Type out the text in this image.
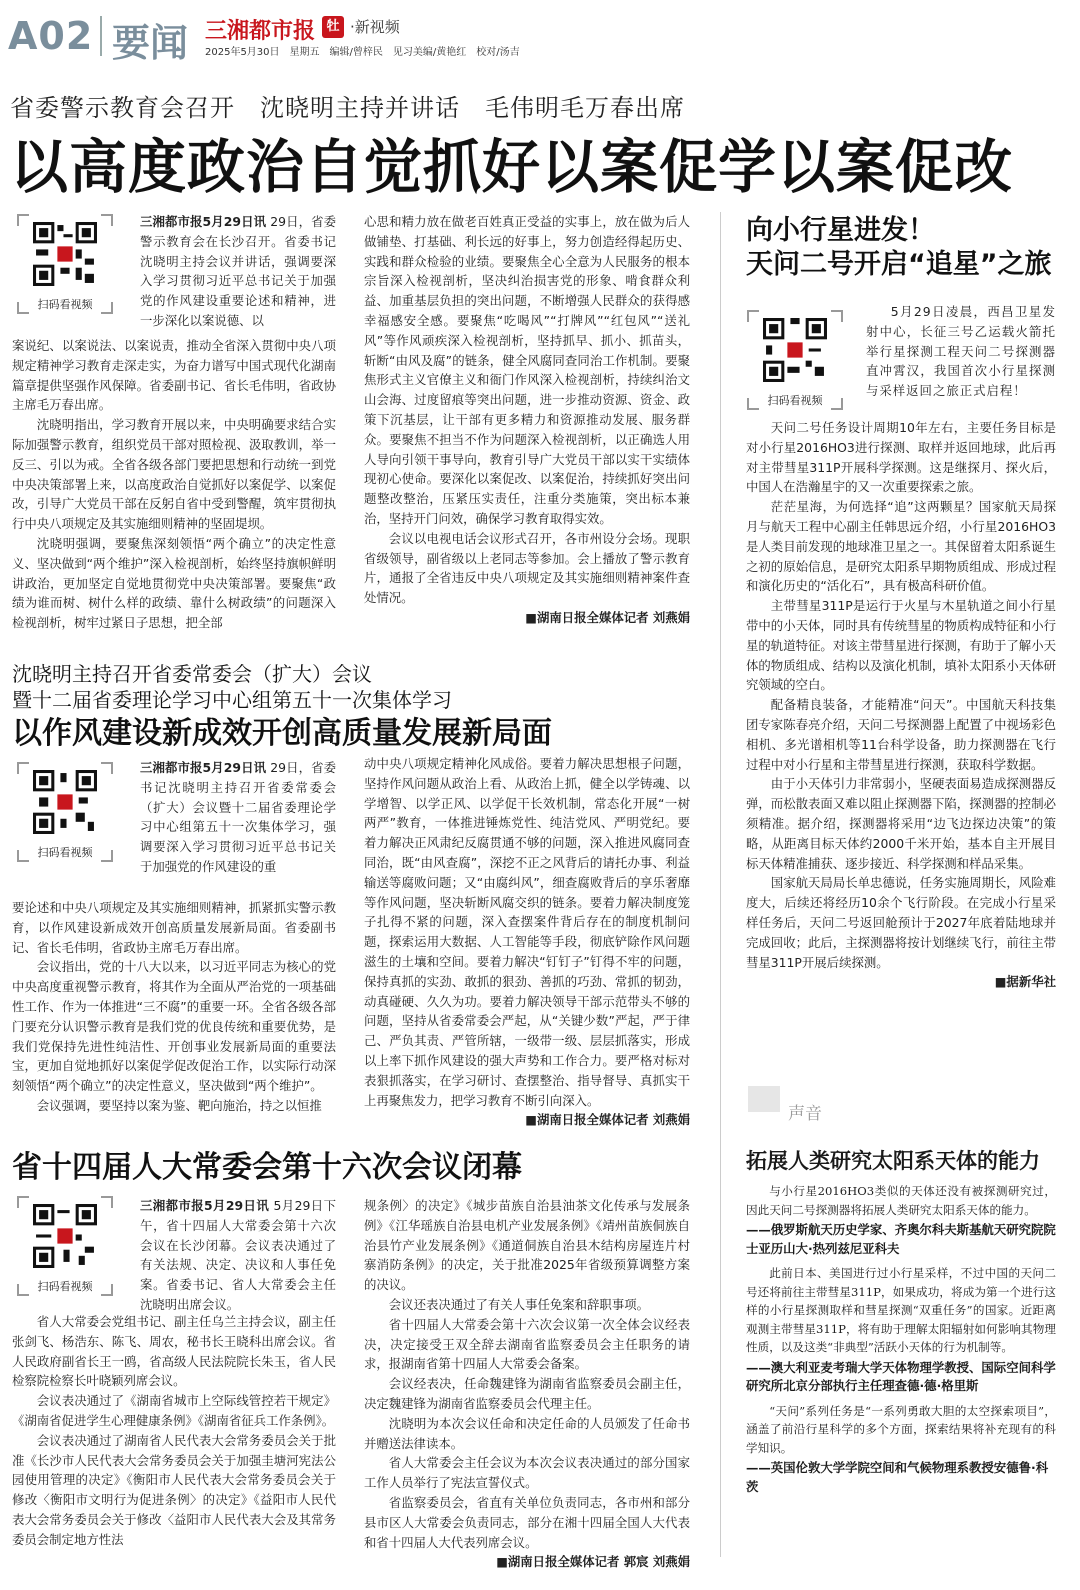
A02 要闻 三湘都市报 牡 ·新视频
2025年5月30日　星期五　编辑/曾梓民　见习美编/黄艳红　校对/汤吉
省委警示教育会召开　沈晓明主持并讲话　毛伟明毛万春出席
以高度政治自觉抓好以案促学以案促改
扫码看视频

三湘都市报5月29日讯 29日，省委警示教育会在长沙召开。省委书记沈晓明主持会议并讲话，强调要深入学习贯彻习近平总书记关于加强党的作风建设重要论述和精神，进一步深化以案说德、以

案说纪、以案说法、以案说责，推动全省深入贯彻中央八项规定精神学习教育走深走实，为奋力谱写中国式现代化湖南篇章提供坚强作风保障。省委副书记、省长毛伟明，省政协主席毛万春出席。

沈晓明指出，学习教育开展以来，中央明确要求结合实际加强警示教育，组织党员干部对照检视、汲取教训，举一反三、引以为戒。全省各级各部门要把思想和行动统一到党中央决策部署上来，以高度政治自觉抓好以案促学、以案促改，引导广大党员干部在反躬自省中受到警醒，筑牢贯彻执行中央八项规定及其实施细则精神的坚固堤坝。

沈晓明强调，要聚焦深刻领悟“两个确立”的决定性意义、坚决做到“两个维护”深入检视剖析，始终坚持旗帜鲜明讲政治，更加坚定自觉地贯彻党中央决策部署。要聚焦“政绩为谁而树、树什么样的政绩、靠什么树政绩”的问题深入检视剖析，树牢过紧日子思想，把全部

心思和精力放在做老百姓真正受益的实事上，放在做为后人做铺垫、打基础、利长远的好事上，努力创造经得起历史、实践和群众检验的业绩。要聚焦全心全意为人民服务的根本宗旨深入检视剖析，坚决纠治损害党的形象、啃食群众利益、加重基层负担的突出问题，不断增强人民群众的获得感幸福感安全感。要聚焦“吃喝风”“打牌风”“红包风”“送礼风”等作风顽疾深入检视剖析，坚持抓早、抓小、抓苗头，斩断“由风及腐”的链条，健全风腐同查同治工作机制。要聚焦形式主义官僚主义和衙门作风深入检视剖析，持续纠治文山会海、过度留痕等突出问题，进一步推动资源、资金、政策下沉基层，让干部有更多精力和资源推动发展、服务群众。要聚焦不担当不作为问题深入检视剖析，以正确选人用人导向引领干事导向，教育引导广大党员干部以实干实绩体现初心使命。要深化以案促改、以案促治，持续抓好突出问题整改整治，压紧压实责任，注重分类施策，突出标本兼治，坚持开门问效，确保学习教育取得实效。

会议以电视电话会议形式召开，各市州设分会场。现职省级领导，副省级以上老同志等参加。会上播放了警示教育片，通报了全省违反中央八项规定及其实施细则精神案件查处情况。

■湖南日报全媒体记者 刘燕娟
沈晓明主持召开省委常委会（扩大）会议
暨十二届省委理论学习中心组第五十一次集体学习
以作风建设新成效开创高质量发展新局面
扫码看视频

三湘都市报5月29日讯 29日，省委书记沈晓明主持召开省委常委会（扩大）会议暨十二届省委理论学习中心组第五十一次集体学习，强调要深入学习贯彻习近平总书记关于加强党的作风建设的重

要论述和中央八项规定及其实施细则精神，抓紧抓实警示教育，以作风建设新成效开创高质量发展新局面。省委副书记、省长毛伟明，省政协主席毛万春出席。

会议指出，党的十八大以来，以习近平同志为核心的党中央高度重视警示教育，将其作为全面从严治党的一项基础性工作、作为一体推进“三不腐”的重要一环。全省各级各部门要充分认识警示教育是我们党的优良传统和重要优势，是我们党保持先进性纯洁性、开创事业发展新局面的重要法宝，更加自觉地抓好以案促学促改促治工作，以实际行动深刻领悟“两个确立”的决定性意义，坚决做到“两个维护”。

会议强调，要坚持以案为鉴、靶向施治，持之以恒推

动中央八项规定精神化风成俗。要着力解决思想根子问题，坚持作风问题从政治上看、从政治上抓，健全以学铸魂、以学增智、以学正风、以学促干长效机制，常态化开展“一树两严”教育，一体推进锤炼党性、纯洁党风、严明党纪。要着力解决正风肃纪反腐贯通不够的问题，深入推进风腐同查同治，既“由风查腐”，深挖不正之风背后的请托办事、利益输送等腐败问题；又“由腐纠风”，细查腐败背后的享乐奢靡等作风问题，坚决斩断风腐交织的链条。要着力解决制度笼子扎得不紧的问题，深入查摆案件背后存在的制度机制问题，探索运用大数据、人工智能等手段，彻底铲除作风问题滋生的土壤和空间。要着力解决“钉钉子”钉得不牢的问题，保持真抓的实劲、敢抓的狠劲、善抓的巧劲、常抓的韧劲，动真碰硬、久久为功。要着力解决领导干部示范带头不够的问题，坚持从省委常委会严起，从“关键少数”严起，严于律己、严负其责、严管所辖，一级带一级、层层抓落实，形成以上率下抓作风建设的强大声势和工作合力。要严格对标对表狠抓落实，在学习研讨、查摆整治、指导督导、真抓实干上再聚焦发力，把学习教育不断引向深入。

■湖南日报全媒体记者 刘燕娟
省十四届人大常委会第十六次会议闭幕
扫码看视频

三湘都市报5月29日讯 5月29日下午，省十四届人大常委会第十六次会议在长沙闭幕。会议表决通过了有关法规、决定、决议和人事任免案。省委书记、省人大常委会主任沈晓明出席会议。

省人大常委会党组书记、副主任乌兰主持会议，副主任张剑飞、杨浩东、陈飞、周农，秘书长王晓科出席会议。省人民政府副省长王一鸥，省高级人民法院院长朱玉，省人民检察院检察长叶晓颖列席会议。

会议表决通过了《湖南省城市上空际线管控若干规定》《湖南省促进学生心理健康条例》《湖南省征兵工作条例》。

会议表决通过了湖南省人民代表大会常务委员会关于批准《长沙市人民代表大会常务委员会关于加强圭塘河宪法公园使用管理的决定》《衡阳市人民代表大会常务委员会关于修改〈衡阳市文明行为促进条例〉的决定》《益阳市人民代表大会常务委员会关于修改〈益阳市人民代表大会及其常务委员会制定地方性法

规条例〉的决定》《城步苗族自治县油茶文化传承与发展条例》《江华瑶族自治县电机产业发展条例》《靖州苗族侗族自治县竹产业发展条例》《通道侗族自治县木结构房屋连片村寨消防条例》的决定，关于批准2025年省级预算调整方案的决议。

会议还表决通过了有关人事任免案和辞职事项。

省十四届人大常委会第十六次会议第一次全体会议经表决，决定接受王双全辞去湖南省监察委员会主任职务的请求，报湖南省第十四届人大常委会备案。

会议经表决，任命魏建锋为湖南省监察委员会副主任，决定魏建锋为湖南省监察委员会代理主任。

沈晓明为本次会议任命和决定任命的人员颁发了任命书并赠送法律读本。

省人大常委会主任会议为本次会议表决通过的部分国家工作人员举行了宪法宣誓仪式。

省监察委员会，省直有关单位负责同志，各市州和部分县市区人大常委会负责同志，部分在湘十四届全国人大代表和省十四届人大代表列席会议。

■湖南日报全媒体记者 郭宸 刘燕娟
向小行星进发！
天问二号开启“追星”之旅
扫码看视频

5月29日凌晨，西昌卫星发射中心，长征三号乙运载火箭托举行星探测工程天问二号探测器直冲霄汉，我国首次小行星探测与采样返回之旅正式启程！

天问二号任务设计周期10年左右，主要任务目标是对小行星2016HO3进行探测、取样并返回地球，此后再对主带彗星311P开展科学探测。这是继探月、探火后，中国人在浩瀚星宇的又一次重要探索之旅。

茫茫星海，为何选择“追”这两颗星？国家航天局探月与航天工程中心副主任韩思远介绍，小行星2016HO3是人类目前发现的地球准卫星之一。其保留着太阳系诞生之初的原始信息，是研究太阳系早期物质组成、形成过程和演化历史的“活化石”，具有极高科研价值。

主带彗星311P是运行于火星与木星轨道之间小行星带中的小天体，同时具有传统彗星的物质构成特征和小行星的轨道特征。对该主带彗星进行探测，有助于了解小天体的物质组成、结构以及演化机制，填补太阳系小天体研究领域的空白。

配备精良装备，才能精准“问天”。中国航天科技集团专家陈春亮介绍，天问二号探测器上配置了中视场彩色相机、多光谱相机等11台科学设备，助力探测器在飞行过程中对小行星和主带彗星进行探测，获取科学数据。

由于小天体引力非常弱小，坚硬表面易造成探测器反弹，而松散表面又难以阻止探测器下陷，探测器的控制必须精准。据介绍，探测器将采用“边飞边探边决策”的策略，从距离目标天体约2000千米开始，基本自主开展目标天体精准捕获、逐步接近、科学探测和样品采集。

国家航天局局长单忠德说，任务实施周期长，风险难度大，后续还将经历10余个飞行阶段。在完成小行星采样任务后，天问二号返回舱预计于2027年底着陆地球并完成回收；此后，主探测器将按计划继续飞行，前往主带彗星311P开展后续探测。

■据新华社
声音
拓展人类研究太阳系天体的能力

与小行星2016HO3类似的天体还没有被探测研究过，因此天问二号探测器将拓展人类研究太阳系天体的能力。

——俄罗斯航天历史学家、齐奥尔科夫斯基航天研究院院士亚历山大·热列兹尼亚科夫

此前日本、美国进行过小行星采样，不过中国的天问二号还将前往主带彗星311P，如果成功，将成为第一个进行这样的小行星探测取样和彗星探测“双重任务”的国家。近距离观测主带彗星311P，将有助于理解太阳辐射如何影响其物理性质，以及这类“非典型”活跃小天体的行为机制等。

——澳大利亚麦考瑞大学天体物理学教授、国际空间科学研究所北京分部执行主任理查德·德·格里斯

“天问”系列任务是“一系列勇敢大胆的太空探索项目”，涵盖了前沿行星科学的多个方面，探索结果将补充现有的科学知识。

——英国伦敦大学学院空间和气候物理系教授安德鲁·科茨
